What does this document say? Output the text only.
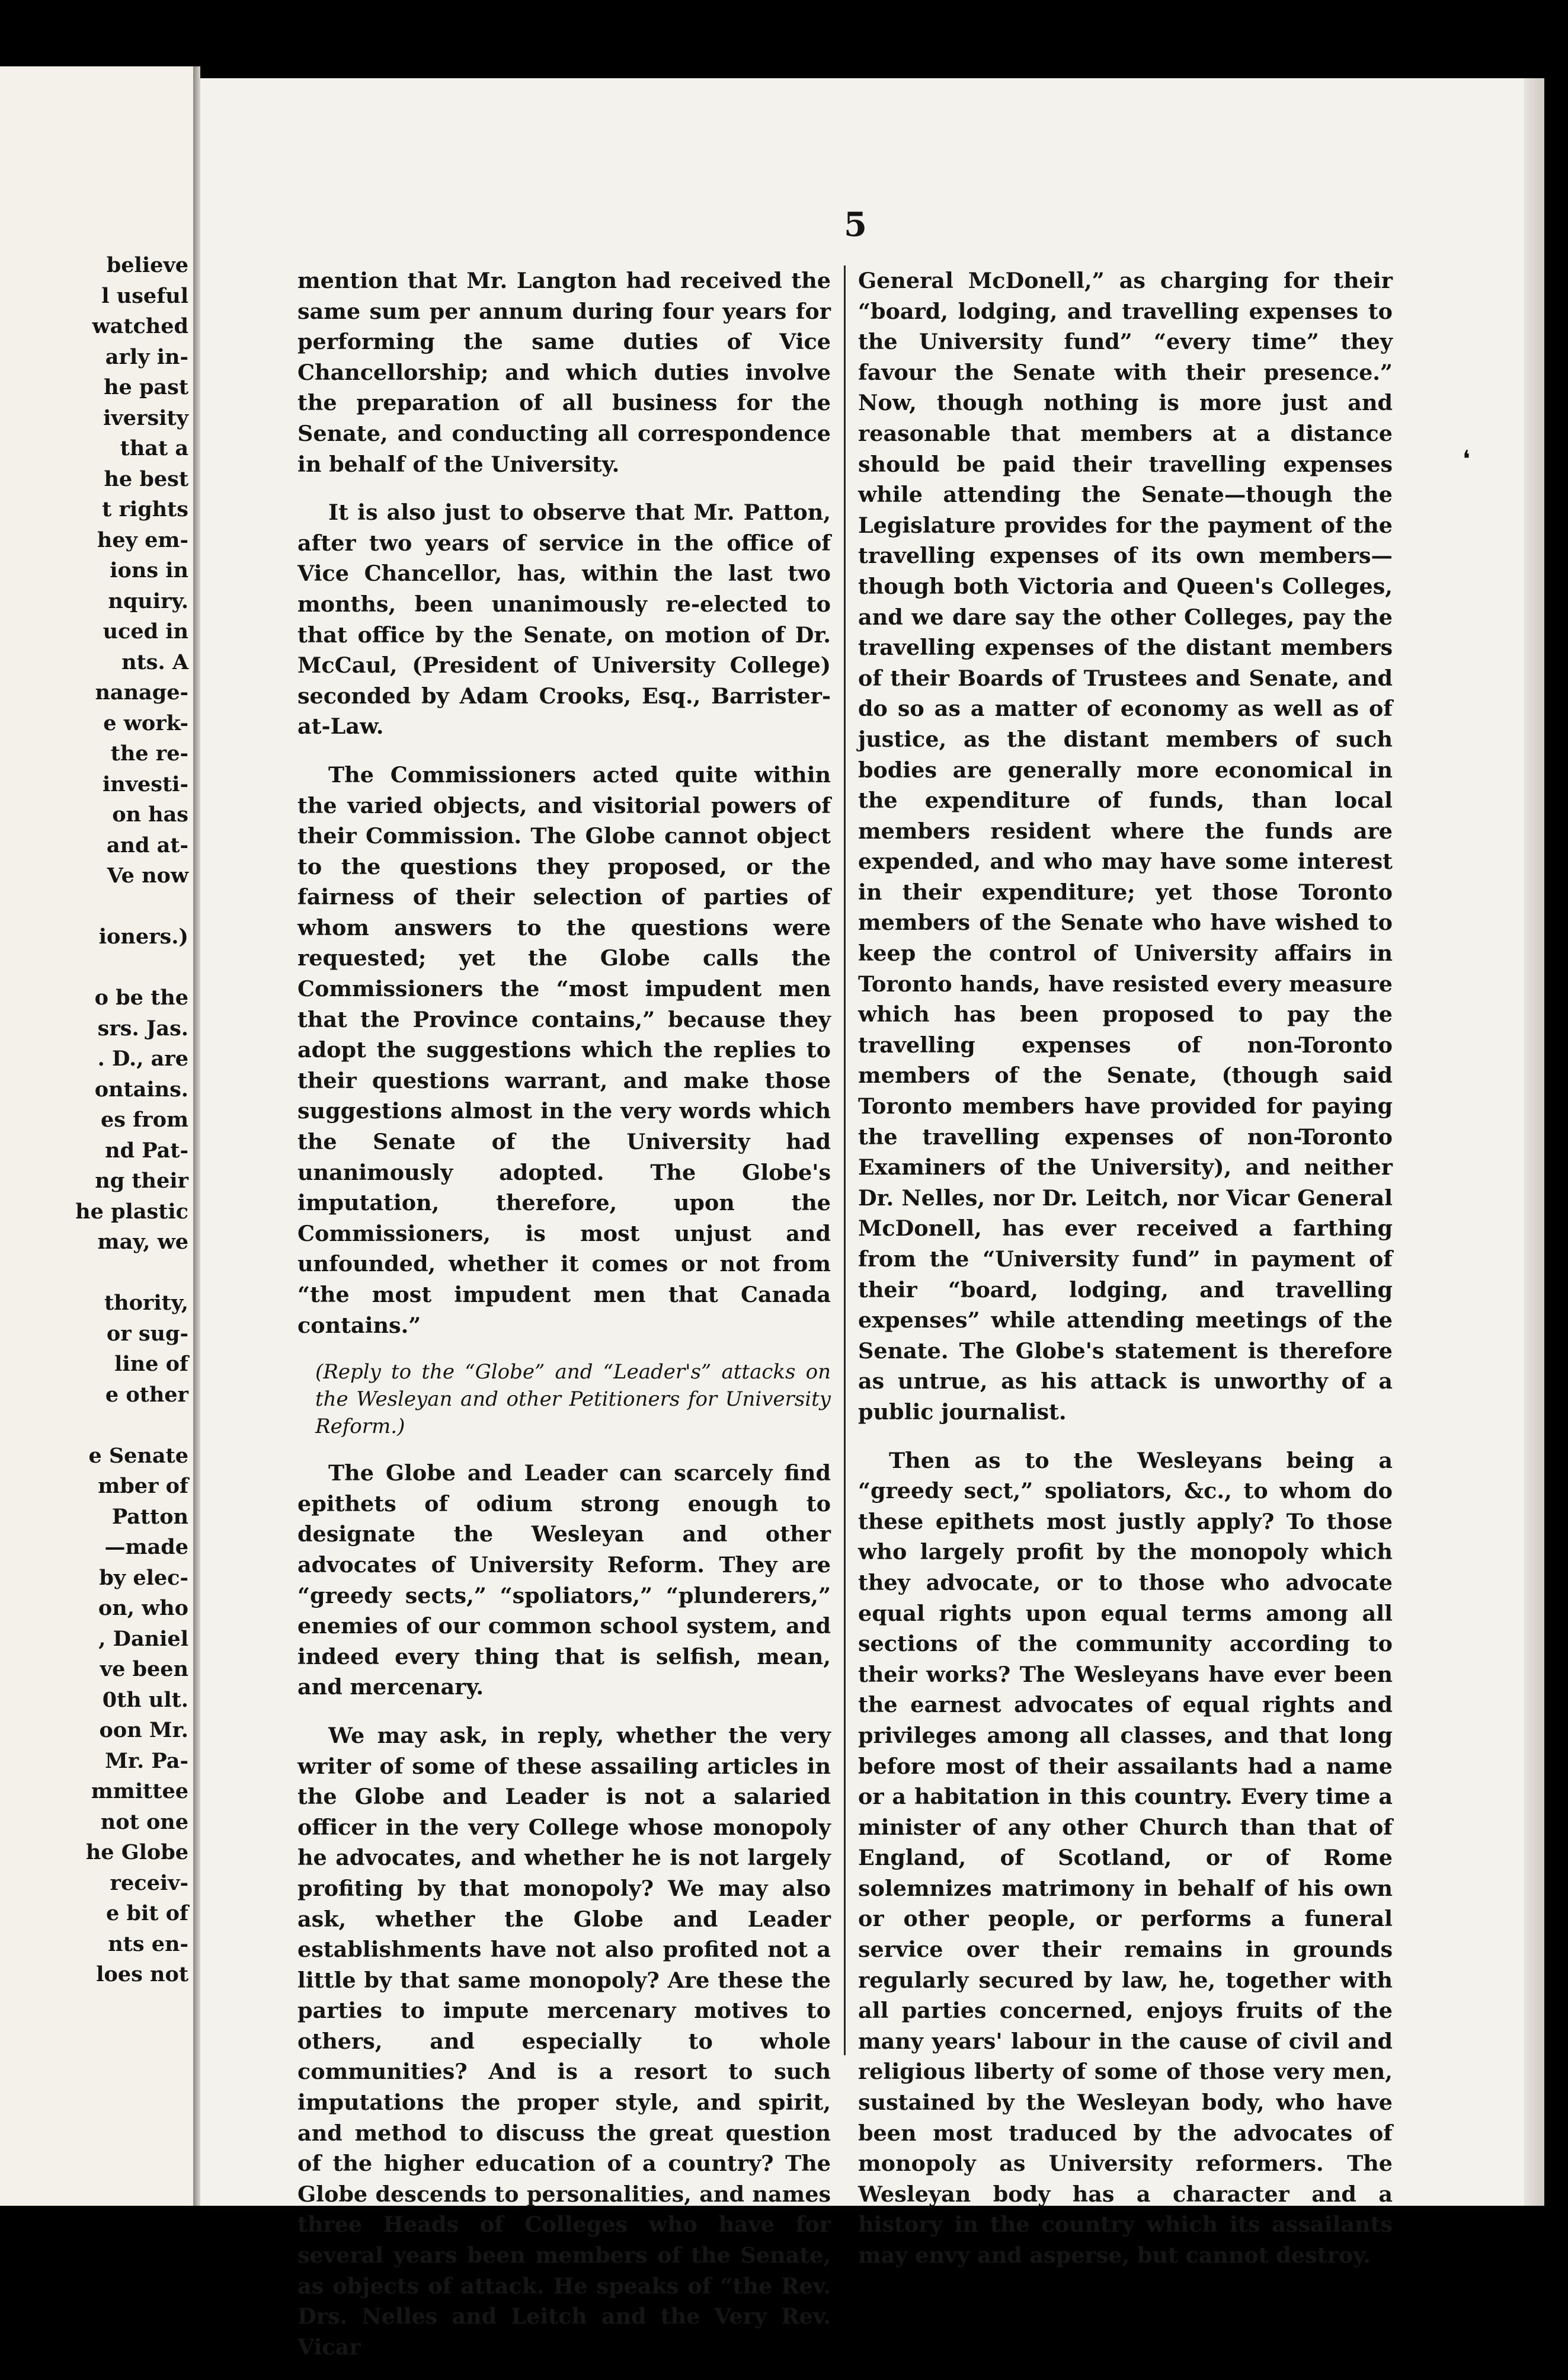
believe
l useful
watched
arly in-
he past
iversity
that a
he best
t rights
hey em-
ions in
nquiry.
uced in
nts. A
nanage-
e work-
the re-
investi-
on has
and at-
Ve now

ioners.)

o be the
srs. Jas.
. D., are
ontains.
es from
nd Pat-
ng their
he plastic
may, we

thority,
or sug-
line of
e other

e Senate
mber of
Patton
—made
by elec-
on, who
, Daniel
ve been
0th ult.
oon Mr.
Mr. Pa-
mmittee
not one
he Globe
receiv-
e bit of
nts en-
loes not
5

mention that Mr. Langton had received the same sum per annum during four years for performing the same duties of Vice Chancellorship; and which duties involve the preparation of all business for the Senate, and conducting all correspondence in behalf of the University.

It is also just to observe that Mr. Patton, after two years of service in the office of Vice Chancellor, has, within the last two months, been unanimously re-elected to that office by the Senate, on motion of Dr. McCaul, (President of University College) seconded by Adam Crooks, Esq., Barrister-at-Law.

The Commissioners acted quite within the varied objects, and visitorial powers of their Commission. The Globe cannot object to the questions they proposed, or the fairness of their selection of parties of whom answers to the questions were requested; yet the Globe calls the Commissioners the “most impudent men that the Province contains,” because they adopt the suggestions which the replies to their questions warrant, and make those suggestions almost in the very words which the Senate of the University had unanimously adopted. The Globe's imputation, therefore, upon the Commissioners, is most unjust and unfounded, whether it comes or not from “the most impudent men that Canada contains.”

(Reply to the “Globe” and “Leader's” attacks on the Wesleyan and other Petitioners for University Reform.)

The Globe and Leader can scarcely find epithets of odium strong enough to designate the Wesleyan and other advocates of University Reform. They are “greedy sects,” “spoliators,” “plunderers,” enemies of our common school system, and indeed every thing that is selfish, mean, and mercenary.

We may ask, in reply, whether the very writer of some of these assailing articles in the Globe and Leader is not a salaried officer in the very College whose monopoly he advocates, and whether he is not largely profiting by that monopoly? We may also ask, whether the Globe and Leader establishments have not also profited not a little by that same monopoly? Are these the parties to impute mercenary motives to others, and especially to whole communities? And is a resort to such imputations the proper style, and spirit, and method to discuss the great question of the higher education of a country? The Globe descends to personalities, and names three Heads of Colleges who have for several years been members of the Senate, as objects of attack. He speaks of “the Rev. Drs. Nelles and Leitch and the Very Rev. Vicar

General McDonell,” as charging for their “board, lodging, and travelling expenses to the University fund” “every time” they favour the Senate with their presence.” Now, though nothing is more just and reasonable that members at a distance should be paid their travelling expenses while attending the Senate—though the Legislature provides for the payment of the travelling expenses of its own members—though both Victoria and Queen's Colleges, and we dare say the other Colleges, pay the travelling expenses of the distant members of their Boards of Trustees and Senate, and do so as a matter of economy as well as of justice, as the distant members of such bodies are generally more economical in the expenditure of funds, than local members resident where the funds are expended, and who may have some interest in their expenditure; yet those Toronto members of the Senate who have wished to keep the control of University affairs in Toronto hands, have resisted every measure which has been proposed to pay the travelling expenses of non-Toronto members of the Senate, (though said Toronto members have provided for paying the travelling expenses of non-Toronto Examiners of the University), and neither Dr. Nelles, nor Dr. Leitch, nor Vicar General McDonell, has ever received a farthing from the “University fund” in payment of their “board, lodging, and travelling expenses” while attending meetings of the Senate. The Globe's statement is therefore as untrue, as his attack is unworthy of a public journalist.

Then as to the Wesleyans being a “greedy sect,” spoliators, &c., to whom do these epithets most justly apply? To those who largely profit by the monopoly which they advocate, or to those who advocate equal rights upon equal terms among all sections of the community according to their works? The Wesleyans have ever been the earnest advocates of equal rights and privileges among all classes, and that long before most of their assailants had a name or a habitation in this country. Every time a minister of any other Church than that of England, of Scotland, or of Rome solemnizes matrimony in behalf of his own or other people, or performs a funeral service over their remains in grounds regularly secured by law, he, together with all parties concerned, enjoys fruits of the many years' labour in the cause of civil and religious liberty of some of those very men, sustained by the Wesleyan body, who have been most traduced by the advocates of monopoly as University reformers. The Wesleyan body has a character and a history in the country which its assailants may envy and asperse, but cannot destroy.

❛
